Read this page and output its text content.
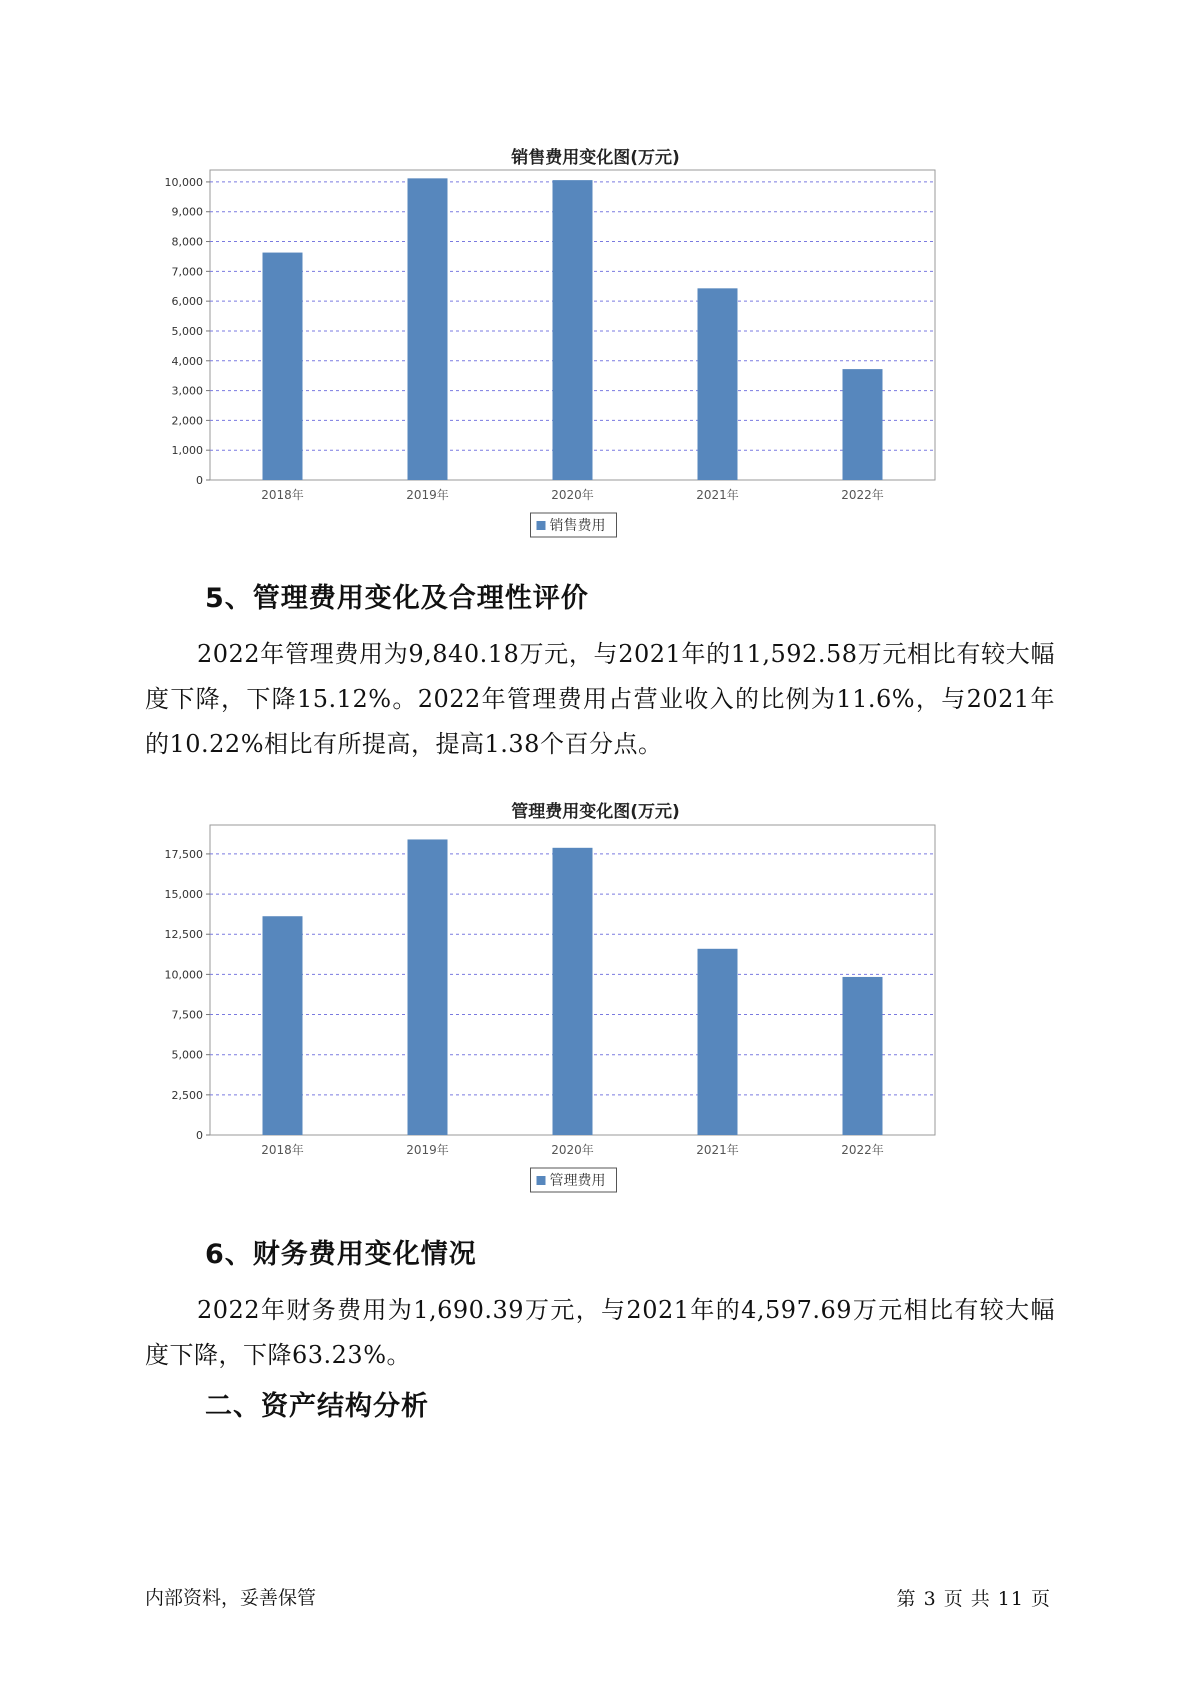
销售费用变化图(万元)
0
1,000
2,000
3,000
4,000
5,000
6,000
7,000
8,000
9,000
10,000
2018年	2019年	2020年	2021年	2022年
销售费用
5、管理费用变化及合理性评价
2022年管理费用为9,840.18万元，与2021年的11,592.58万元相比有较大幅度下降，下降15.12%。2022年管理费用占营业收入的比例为11.6%，与2021年的10.22%相比有所提高，提高1.38个百分点。
管理费用变化图(万元)
0
2,500
5,000
7,500
10,000
12,500
15,000
17,500
2018年	2019年	2020年	2021年	2022年
管理费用
6、财务费用变化情况
2022年财务费用为1,690.39万元，与2021年的4,597.69万元相比有较大幅度下降，下降63.23%。
二、资产结构分析
内部资料，妥善保管	第 3 页 共 11 页
